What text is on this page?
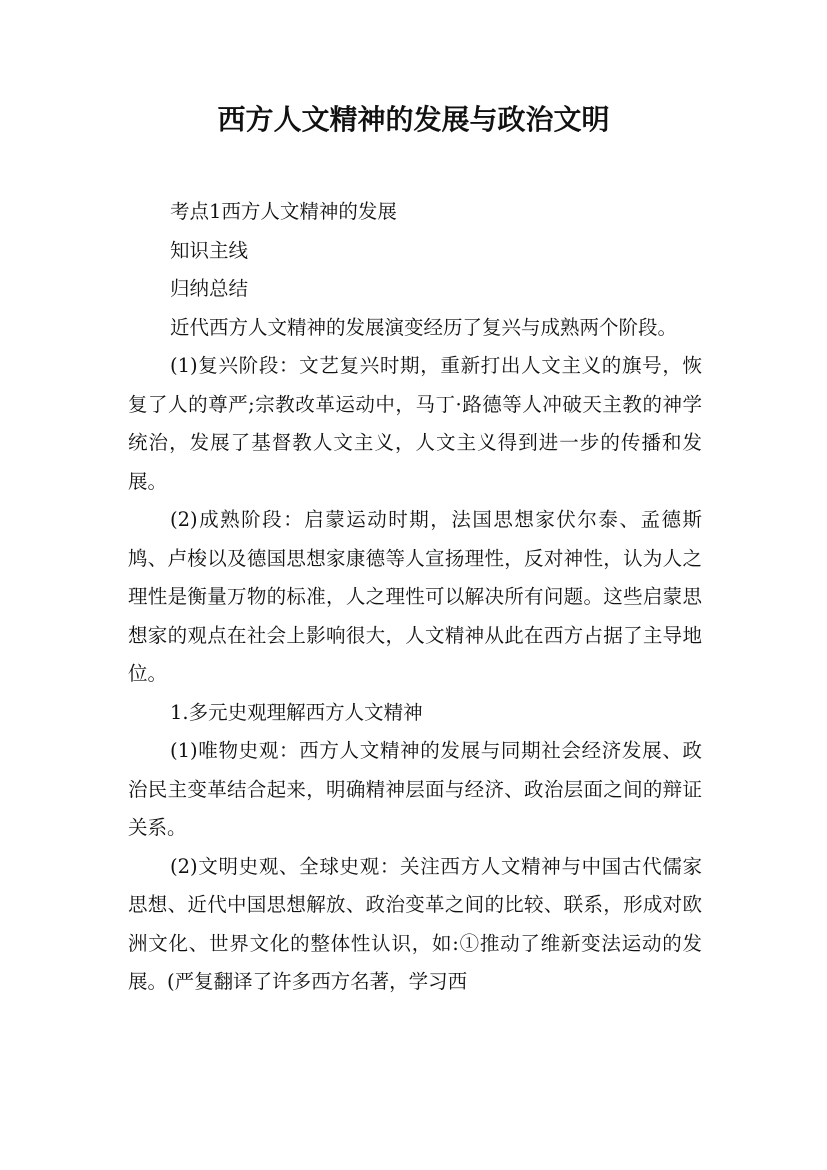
西方人文精神的发展与政治文明

考点1西方人文精神的发展

知识主线

归纳总结

近代西方人文精神的发展演变经历了复兴与成熟两个阶段。

(1)复兴阶段：文艺复兴时期，重新打出人文主义的旗号，恢复了人的尊严;宗教改革运动中，马丁·路德等人冲破天主教的神学统治，发展了基督教人文主义，人文主义得到进一步的传播和发展。

(2)成熟阶段：启蒙运动时期，法国思想家伏尔泰、孟德斯鸠、卢梭以及德国思想家康德等人宣扬理性，反对神性，认为人之理性是衡量万物的标准，人之理性可以解决所有问题。这些启蒙思想家的观点在社会上影响很大，人文精神从此在西方占据了主导地位。

1.多元史观理解西方人文精神

(1)唯物史观：西方人文精神的发展与同期社会经济发展、政治民主变革结合起来，明确精神层面与经济、政治层面之间的辩证关系。

(2)文明史观、全球史观：关注西方人文精神与中国古代儒家思想、近代中国思想解放、政治变革之间的比较、联系，形成对欧洲文化、世界文化的整体性认识，如:①推动了维新变法运动的发展。(严复翻译了许多西方名著，学习西
